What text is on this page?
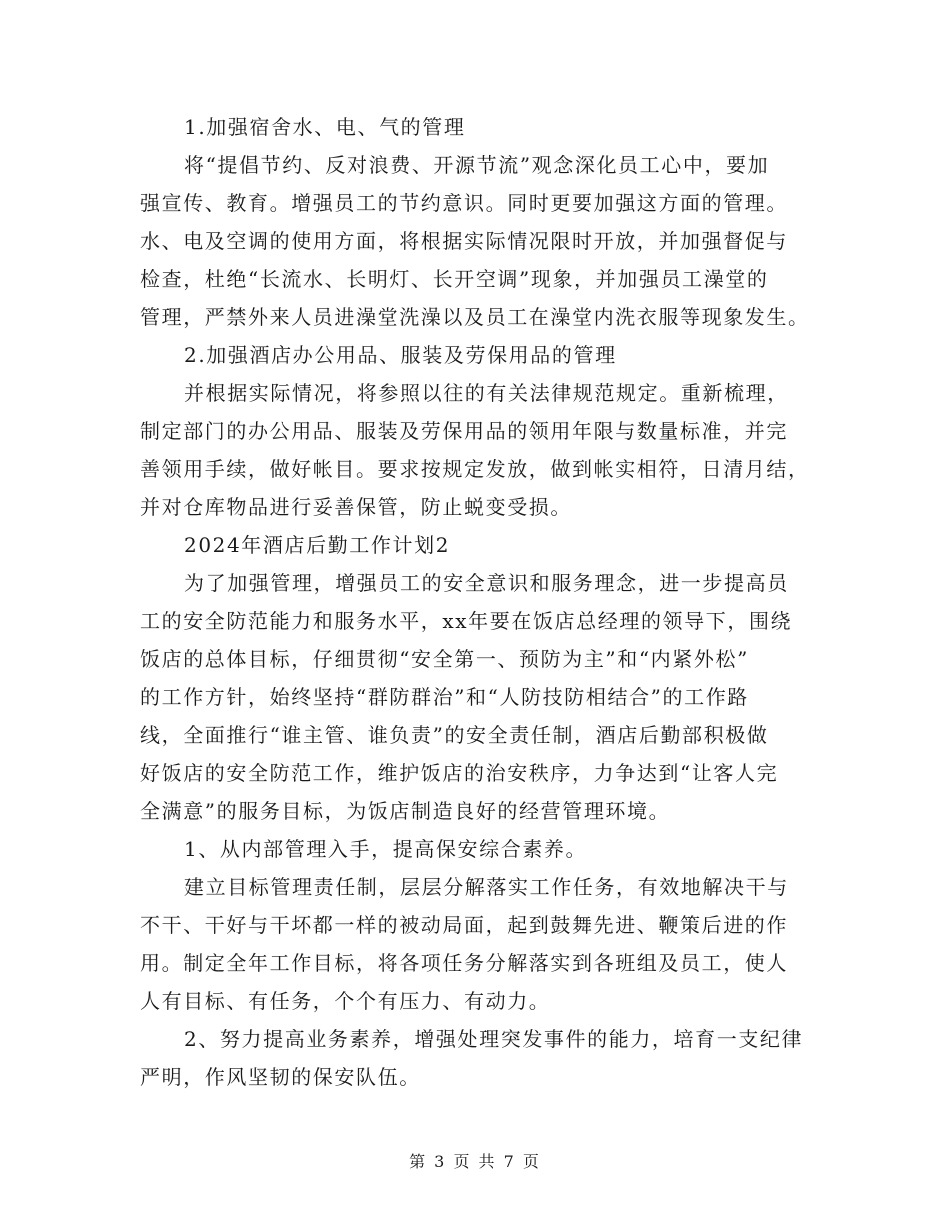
1.加强宿舍水、电、气的管理
将“提倡节约、反对浪费、开源节流”观念深化员工心中，要加
强宣传、教育。增强员工的节约意识。同时更要加强这方面的管理。
水、电及空调的使用方面，将根据实际情况限时开放，并加强督促与
检查，杜绝“长流水、长明灯、长开空调”现象，并加强员工澡堂的
管理，严禁外来人员进澡堂洗澡以及员工在澡堂内洗衣服等现象发生。
2.加强酒店办公用品、服装及劳保用品的管理
并根据实际情况，将参照以往的有关法律规范规定。重新梳理，
制定部门的办公用品、服装及劳保用品的领用年限与数量标准，并完
善领用手续，做好帐目。要求按规定发放，做到帐实相符，日清月结，
并对仓库物品进行妥善保管，防止蜕变受损。
2024年酒店后勤工作计划2
为了加强管理，增强员工的安全意识和服务理念，进一步提高员
工的安全防范能力和服务水平，xx年要在饭店总经理的领导下，围绕
饭店的总体目标，仔细贯彻“安全第一、预防为主”和“内紧外松”
的工作方针，始终坚持“群防群治”和“人防技防相结合”的工作路
线，全面推行“谁主管、谁负责”的安全责任制，酒店后勤部积极做
好饭店的安全防范工作，维护饭店的治安秩序，力争达到“让客人完
全满意”的服务目标，为饭店制造良好的经营管理环境。
1、从内部管理入手，提高保安综合素养。
建立目标管理责任制，层层分解落实工作任务，有效地解决干与
不干、干好与干坏都一样的被动局面，起到鼓舞先进、鞭策后进的作
用。制定全年工作目标，将各项任务分解落实到各班组及员工，使人
人有目标、有任务，个个有压力、有动力。
2、努力提高业务素养，增强处理突发事件的能力，培育一支纪律
严明，作风坚韧的保安队伍。
第 3 页 共 7 页
